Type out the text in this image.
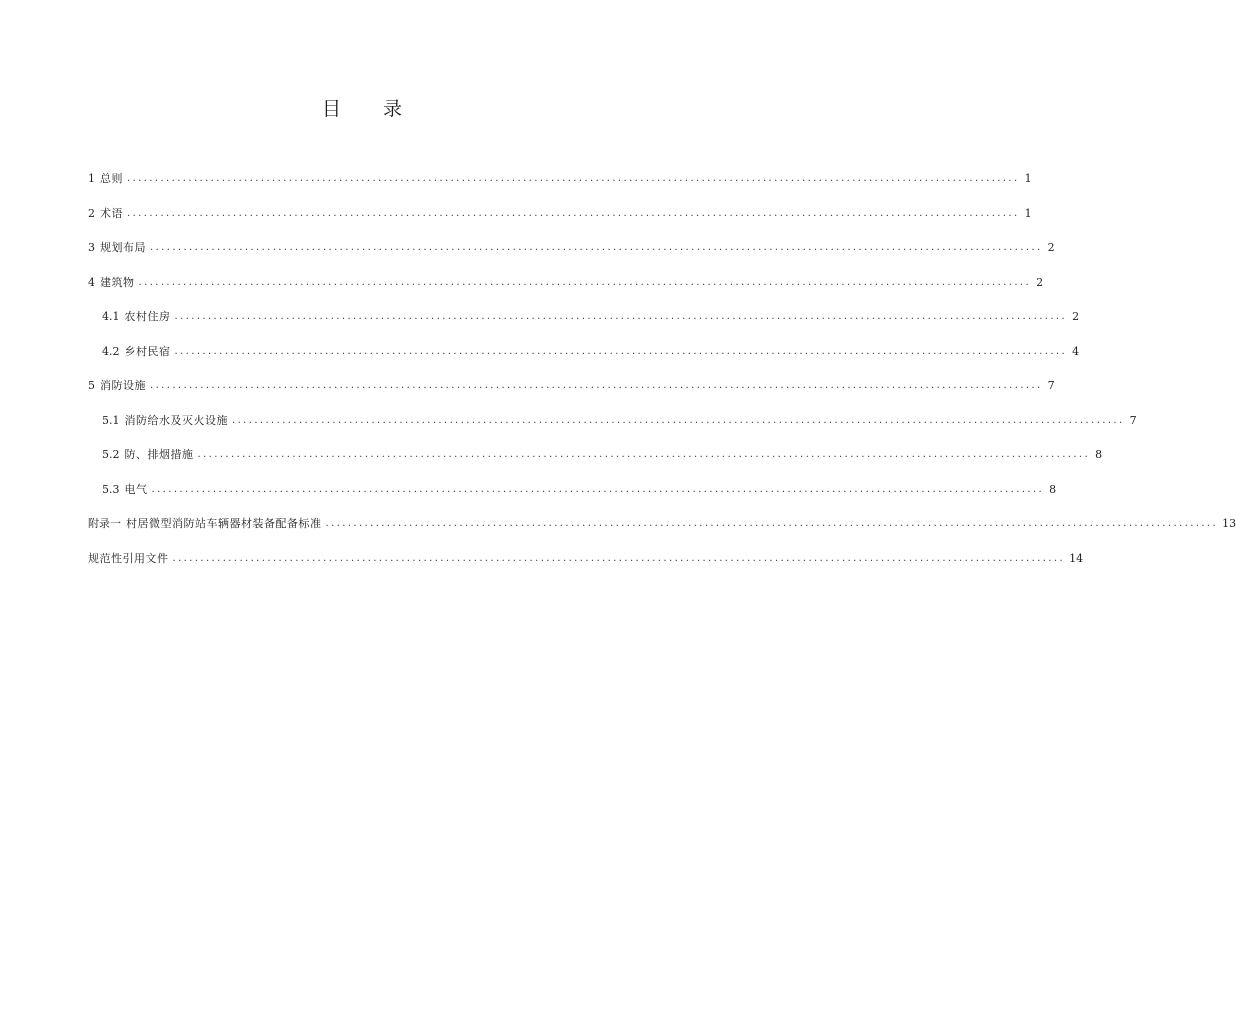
目 录
1 总则 ................................................................................................................................................................ 1
2 术语 ................................................................................................................................................................ 1
3 规划布局 ................................................................................................................................................................ 2
4 建筑物 ................................................................................................................................................................ 2
4.1 农村住房 ................................................................................................................................................................ 2
4.2 乡村民宿 ................................................................................................................................................................ 4
5 消防设施 ................................................................................................................................................................ 7
5.1 消防给水及灭火设施 ................................................................................................................................................................ 7
5.2 防、排烟措施 ................................................................................................................................................................ 8
5.3 电气 ................................................................................................................................................................ 8
附录一 村居微型消防站车辆器材装备配备标准 ................................................................................................................................................................ 13
规范性引用文件 ................................................................................................................................................................ 14
